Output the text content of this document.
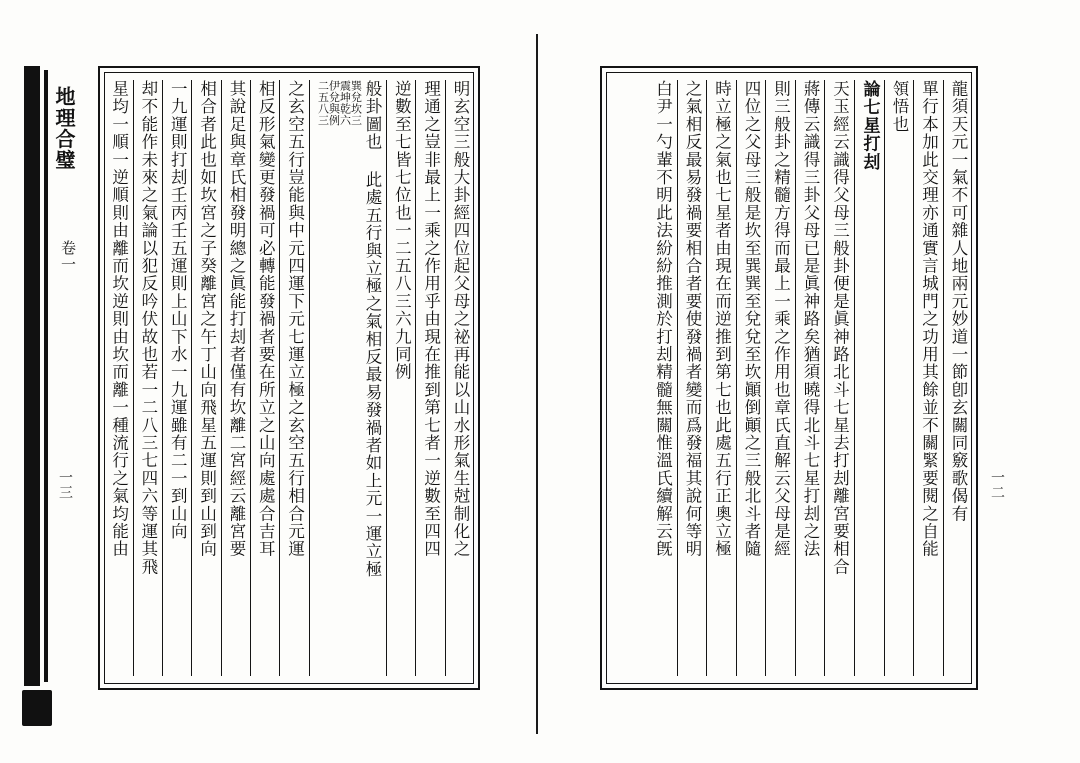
龍須天元一氣不可雜人地兩元妙道一節卽玄關同竅歌偈有
單行本加此交理亦通實言城門之功用其餘並不關緊要閱之自能
領悟也
論七星打刦
天玉經云識得父母三般卦便是眞神路北斗七星去打刦離宮要相合
蔣傳云識得三卦父母已是眞神路矣猶須曉得北斗七星打刦之法
則三般卦之精髓方得而最上一乘之作用也章氏直解云父母是經
四位之父母三般是坎至巽巽至兌兌至坎顚倒顚之三般北斗者隨
時立極之氣也七星者由現在而逆推到第七也此處五行正奧立極
之氣相反最易發禍要相合者要使發禍者變而爲發福其說何等明
白尹一勺輩不明此法紛紛推測於打刦精髓無關惟溫氏續解云旣	一二
地理合璧
卷一
一三	明玄空三般大卦經四位起父母之祕再能以山水形氣生尅制化之
理通之豈非最上一乘之作用乎由現在推到第七者一逆數至四四
逆數至七皆七位也一二五八三六九同例
般卦圖也 此處五行與立極之氣相反最易發禍者如上元一運立極
巽兌坎三
震坤乾六
伊兌與例
二五八三
之玄空五行豈能與中元四運下元七運立極之玄空五行相合元運
相反形氣變更發禍可必轉能發禍者要在所立之山向處處合吉耳
其說足與章氏相發明總之眞能打刦者僅有坎離二宮經云離宮要
相合者此也如坎宮之子癸離宮之午丁山向飛星五運則到山到向
一九運則打刦壬丙壬五運則上山下水一九運雖有二一到山向
却不能作未來之氣論以犯反吟伏故也若一二八三七四六等運其飛
星均一順一逆順則由離而坎逆則由坎而離一種流行之氣均能由
